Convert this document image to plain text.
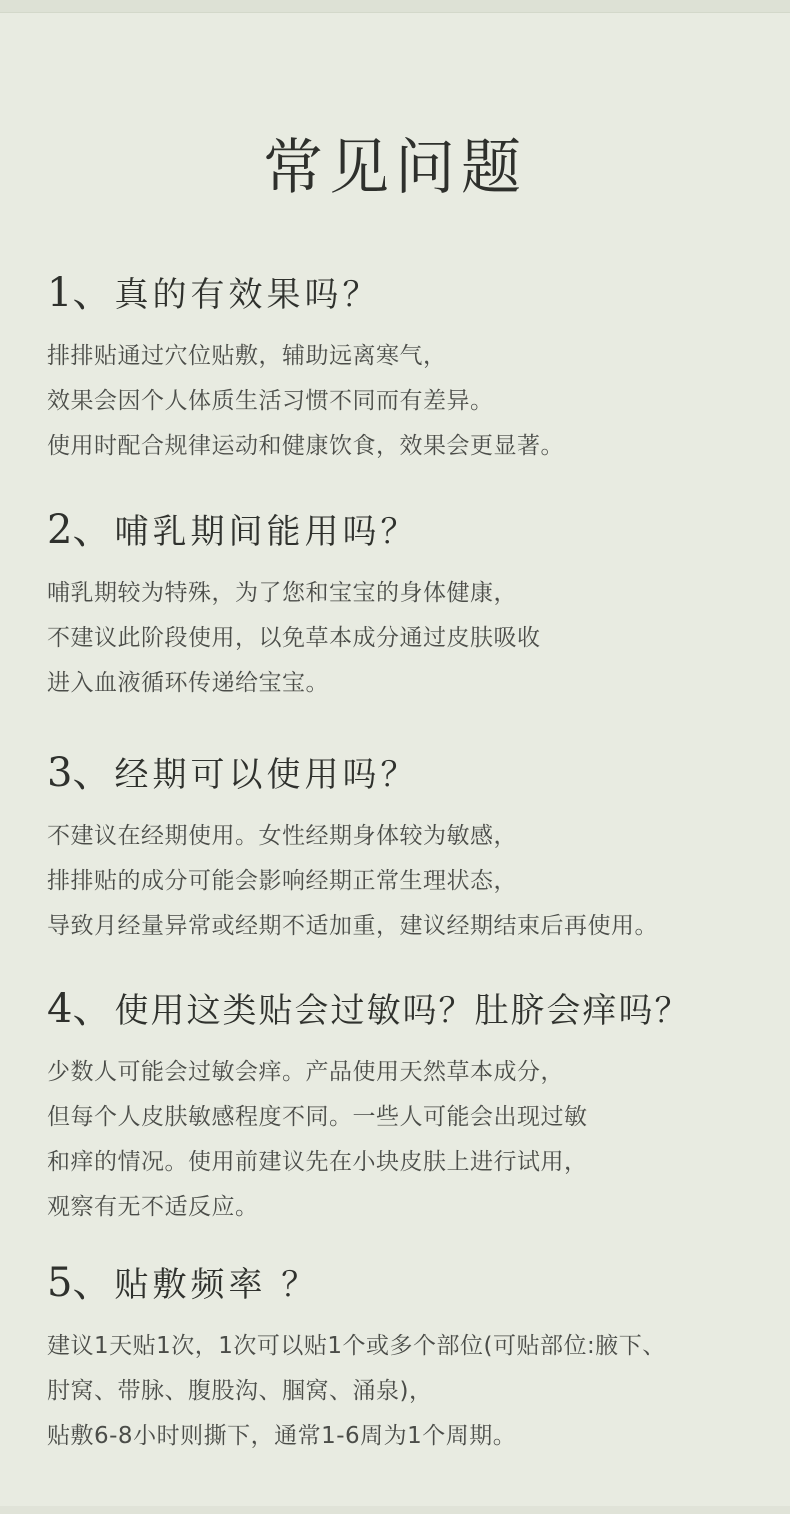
常见问题
1、真的有效果吗？
排排贴通过穴位贴敷，辅助远离寒气，
效果会因个人体质生活习惯不同而有差异。
使用时配合规律运动和健康饮食，效果会更显著。
2、哺乳期间能用吗？
哺乳期较为特殊，为了您和宝宝的身体健康，
不建议此阶段使用，以免草本成分通过皮肤吸收
进入血液循环传递给宝宝。
3、经期可以使用吗？
不建议在经期使用。女性经期身体较为敏感，
排排贴的成分可能会影响经期正常生理状态，
导致月经量异常或经期不适加重，建议经期结束后再使用。
4、使用这类贴会过敏吗？肚脐会痒吗？
少数人可能会过敏会痒。产品使用天然草本成分，
但每个人皮肤敏感程度不同。一些人可能会出现过敏
和痒的情况。使用前建议先在小块皮肤上进行试用，
观察有无不适反应。
5、贴敷频率 ？
建议1天贴1次，1次可以贴1个或多个部位(可贴部位:腋下、
肘窝、带脉、腹股沟、腘窝、涌泉)，
贴敷6-8小时则撕下，通常1-6周为1个周期。
